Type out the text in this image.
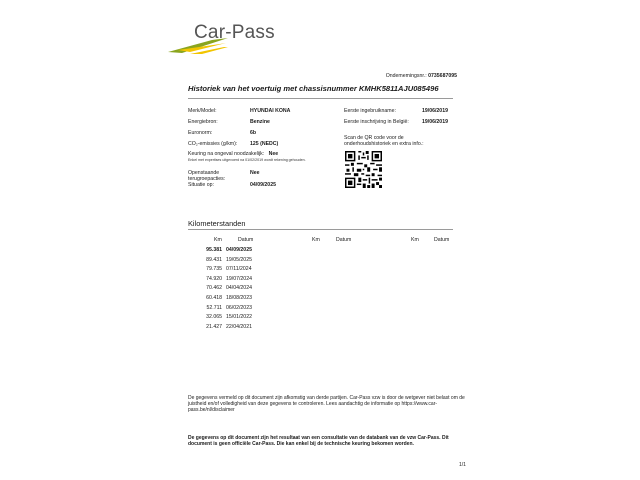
Car-Pass
Ondememingsnr.: 0735687095
Historiek van het voertuig met chassisnummer KMHK5811AJU085496
Merk/Model:	HYUNDAI KONA
Energiebron:	Benzine
Euronorm:	6b
CO₂-emissies (g/km): 125 (NEDC)
Keuring na ongeval noodzakelijk: Nee
Enkel met expertises uitgevoerd na 01/02/2019 wordt rekening gehouden.
Openstaande terugroepacties:
Nee
Situatie op:	04/09/2025
Eerste ingebruikname:	19/06/2019
Eerste inschrijving in België:	19/06/2019
Scan de QR code voor de onderhoudshistoriek en extra info.:
Kilometerstanden
Km	Datum	Km	Datum	Km	Datum
95.381 04/09/2025
89.431 19/05/2025
79.735 07/11/2024
74.920 19/07/2024
70.462 04/04/2024
60.418 18/08/2023
52.711 06/02/2023
32.065 15/01/2022
21.427 22/04/2021
De gegevens vermeld op dit document zijn afkomstig van derde partijen. Car-Pass vzw is door de wetgever niet belast om de juistheid en/of volledigheid van deze gegevens te controleren. Lees aandachtig de informatie op https://www.car-pass.be/nl/disclaimer
De gegevens op dit document zijn het resultaat van een consultatie van de databank van de vzw Car-Pass. Dit document is geen officiële Car-Pass. Die kan enkel bij de technische keuring bekomen worden.
1/1
